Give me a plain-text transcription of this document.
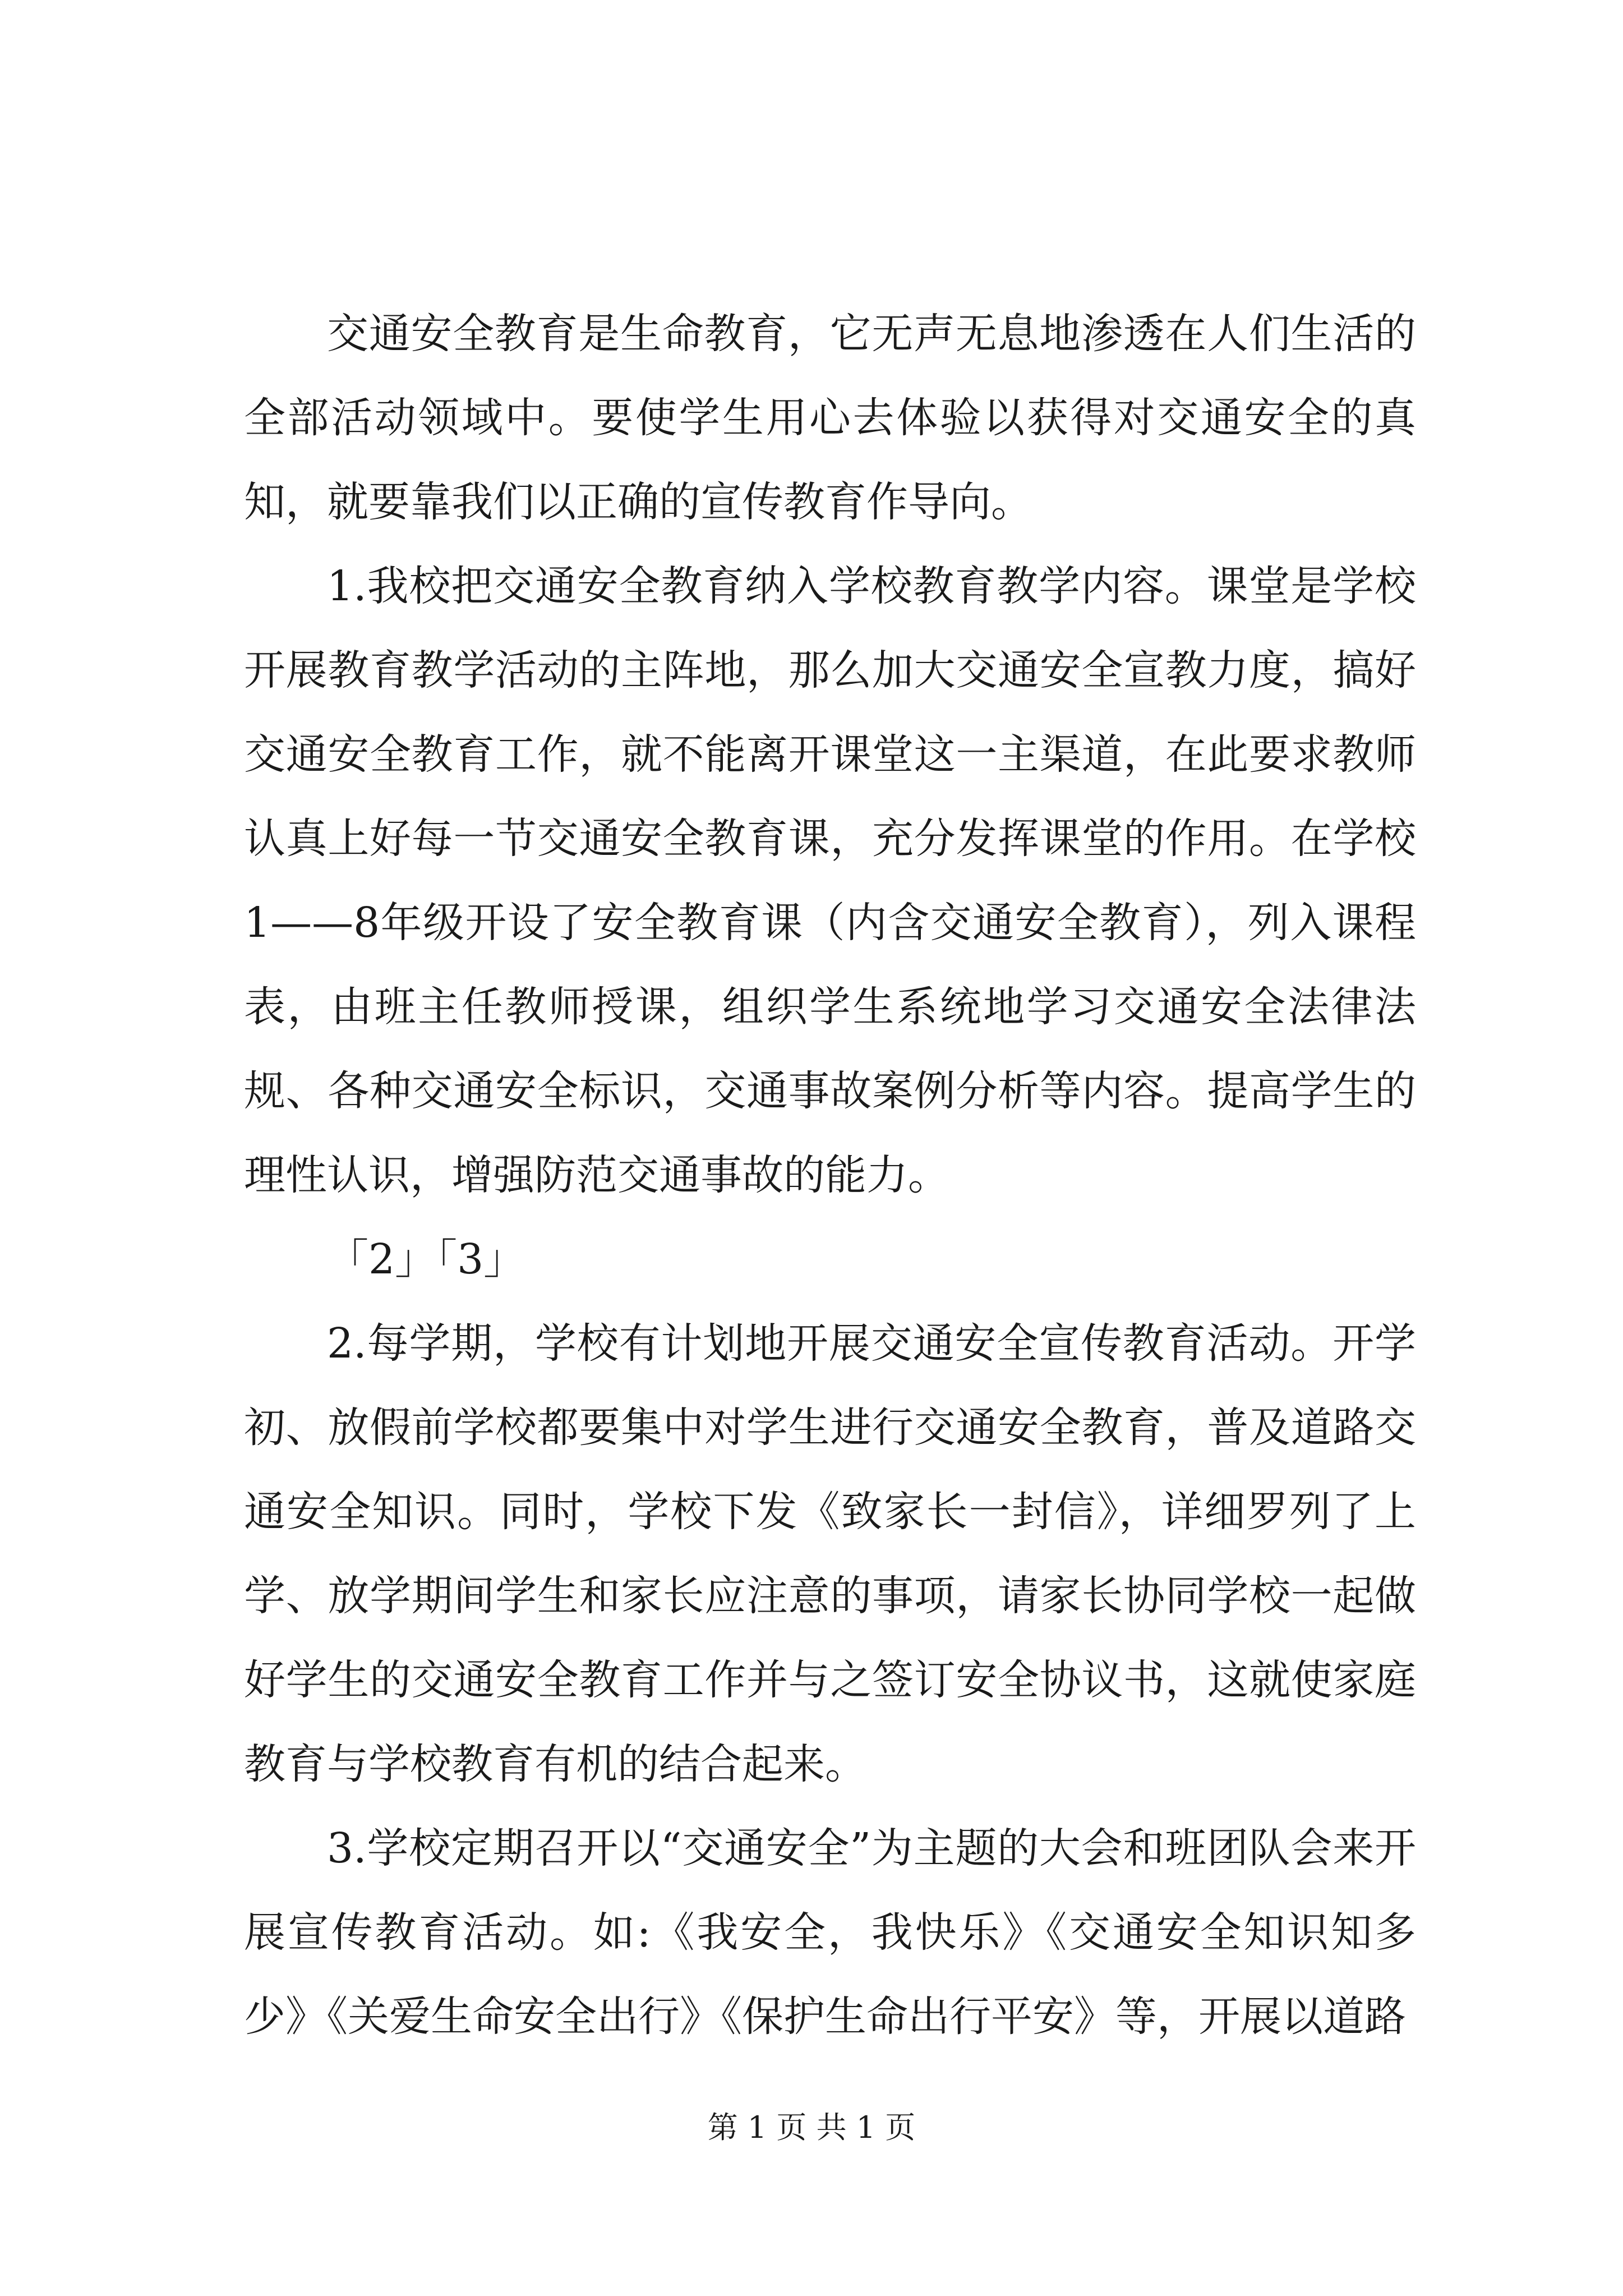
交通安全教育是生命教育，它无声无息地渗透在人们生活的全部活动领域中。要使学生用心去体验以获得对交通安全的真知，就要靠我们以正确的宣传教育作导向。

1.我校把交通安全教育纳入学校教育教学内容。课堂是学校开展教育教学活动的主阵地，那么加大交通安全宣教力度，搞好交通安全教育工作，就不能离开课堂这一主渠道，在此要求教师认真上好每一节交通安全教育课，充分发挥课堂的作用。在学校1——8年级开设了安全教育课（内含交通安全教育），列入课程表，由班主任教师授课，组织学生系统地学习交通安全法律法规、各种交通安全标识，交通事故案例分析等内容。提高学生的理性认识，增强防范交通事故的能力。

「2」「3」

2.每学期，学校有计划地开展交通安全宣传教育活动。开学初、放假前学校都要集中对学生进行交通安全教育，普及道路交通安全知识。同时，学校下发《致家长一封信》，详细罗列了上学、放学期间学生和家长应注意的事项，请家长协同学校一起做好学生的交通安全教育工作并与之签订安全协议书，这就使家庭教育与学校教育有机的结合起来。

3.学校定期召开以“交通安全”为主题的大会和班团队会来开展宣传教育活动。如:《我安全，我快乐》《交通安全知识知多少》《关爱生命安全出行》《保护生命出行平安》等，开展以道路

第 1 页 共 1 页
